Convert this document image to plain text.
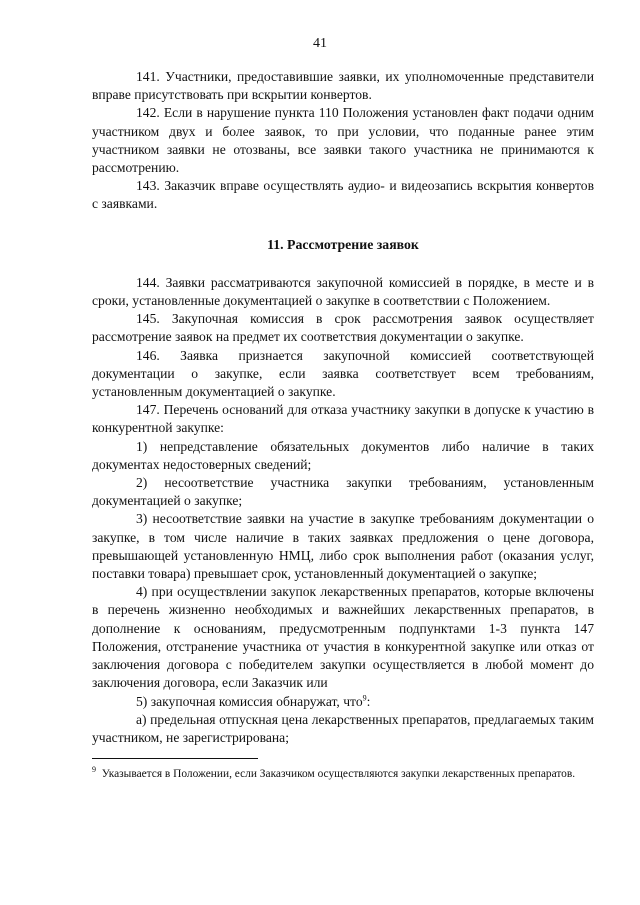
41

141. Участники, предоставившие заявки, их уполномоченные представители вправе присутствовать при вскрытии конвертов.

142. Если в нарушение пункта 110 Положения установлен факт подачи одним участником двух и более заявок, то при условии, что поданные ранее этим участником заявки не отозваны, все заявки такого участника не принимаются к рассмотрению.

143. Заказчик вправе осуществлять аудио- и видеозапись вскрытия конвертов с заявками.

11. Рассмотрение заявок

144. Заявки рассматриваются закупочной комиссией в порядке, в месте и в сроки, установленные документацией о закупке в соответствии с Положением.

145. Закупочная комиссия в срок рассмотрения заявок осуществляет рассмотрение заявок на предмет их соответствия документации о закупке.

146. Заявка признается закупочной комиссией соответствующей документации о закупке, если заявка соответствует всем требованиям, установленным документацией о закупке.

147. Перечень оснований для отказа участнику закупки в допуске к участию в конкурентной закупке:

1) непредставление обязательных документов либо наличие в таких документах недостоверных сведений;

2) несоответствие участника закупки требованиям, установленным документацией о закупке;

3) несоответствие заявки на участие в закупке требованиям документации о закупке, в том числе наличие в таких заявках предложения о цене договора, превышающей установленную НМЦ, либо срок выполнения работ (оказания услуг, поставки товара) превышает срок, установленный документацией о закупке;

4) при осуществлении закупок лекарственных препаратов, которые включены в перечень жизненно необходимых и важнейших лекарственных препаратов, в дополнение к основаниям, предусмотренным подпунктами 1-3 пункта 147 Положения, отстранение участника от участия в конкурентной закупке или отказ от заключения договора с победителем закупки осуществляется в любой момент до заключения договора, если Заказчик или

5) закупочная комиссия обнаружат, что$^9$:

а) предельная отпускная цена лекарственных препаратов, предлагаемых таким участником, не зарегистрирована;

$^9$ Указывается в Положении, если Заказчиком осуществляются закупки лекарственных препаратов.
